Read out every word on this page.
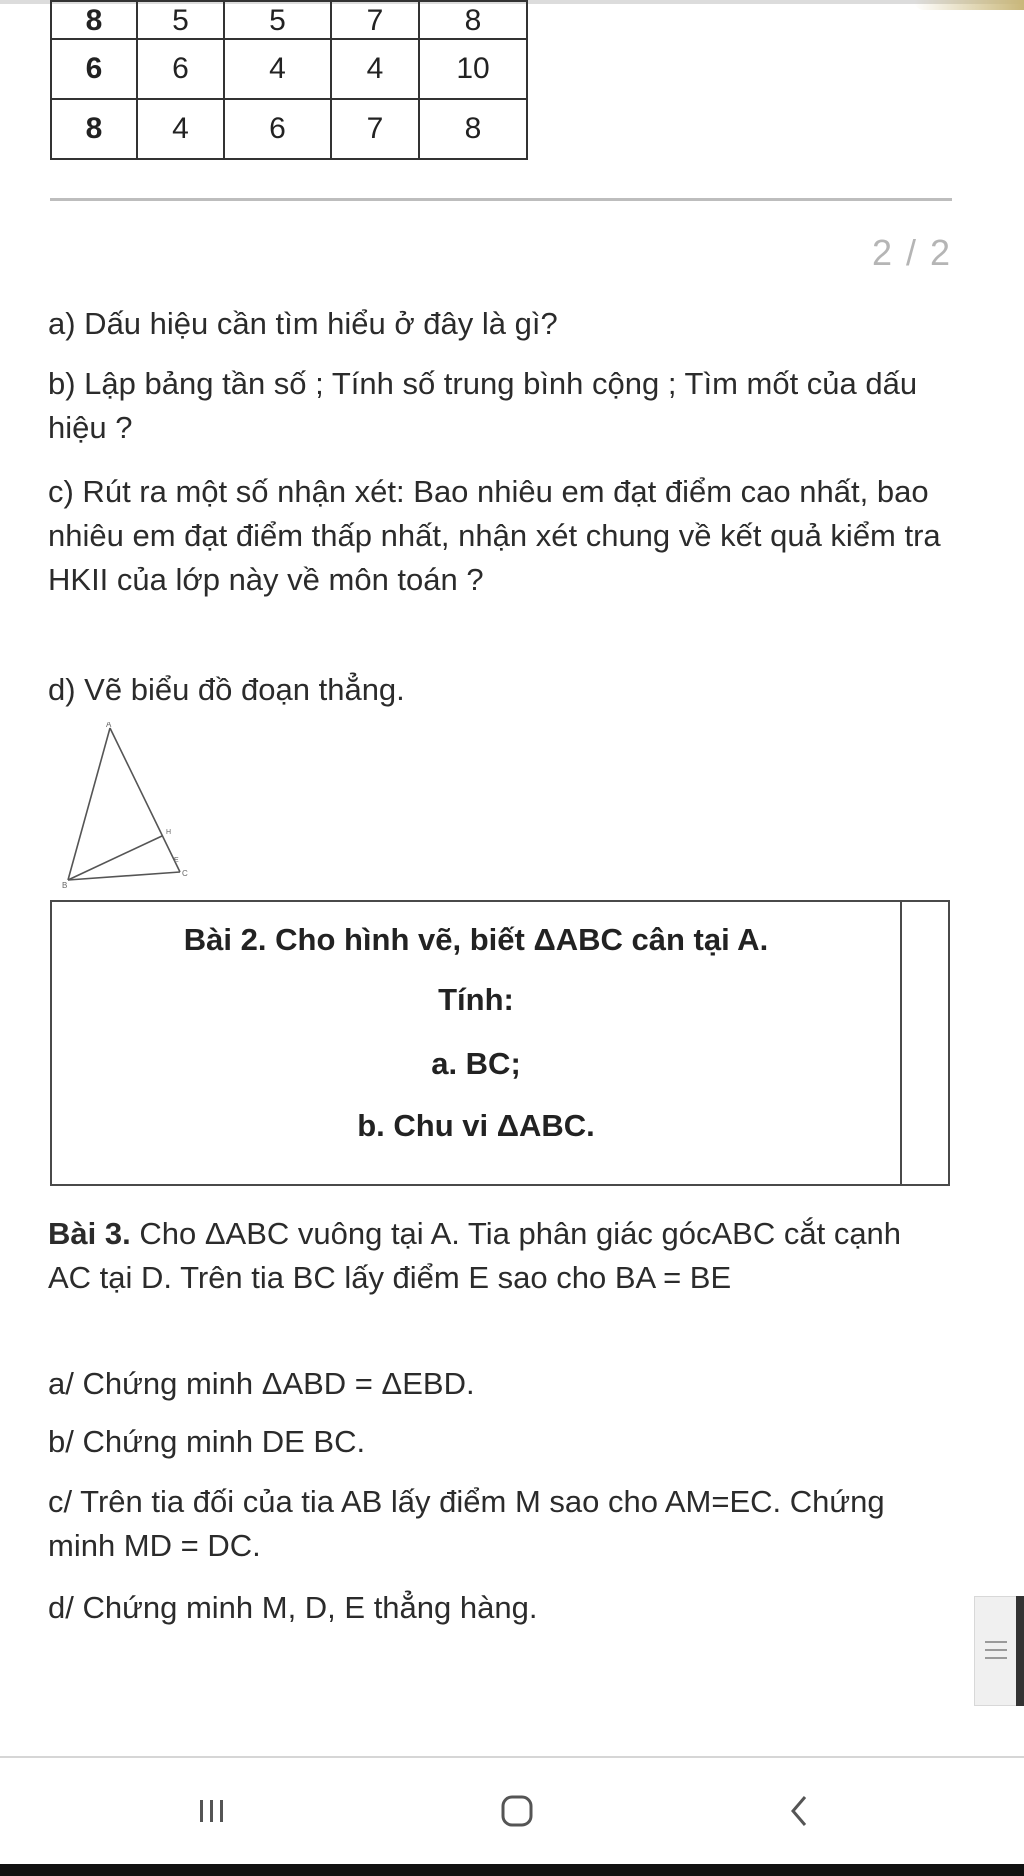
8	5	5	7	8
6	6	4	4	10
8	4	6	7	8
2 / 2

a) Dấu hiệu cần tìm hiểu ở đây là gì?

b) Lập bảng tần số ; Tính số trung bình cộng ; Tìm mốt của dấu hiệu ?

c) Rút ra một số nhận xét: Bao nhiêu em đạt điểm cao nhất, bao nhiêu em đạt điểm thấp nhất, nhận xét chung về kết quả kiểm tra HKII của lớp này về môn toán ?

d) Vẽ biểu đồ đoạn thẳng.

A
B
C
H
E

Bài 2. Cho hình vẽ, biết ΔABC cân tại A.

Tính:

a. BC;

b. Chu vi ΔABC.

Bài 3. Cho ΔABC vuông tại A. Tia phân giác gócABC cắt cạnh AC tại D. Trên tia BC lấy điểm E sao cho BA = BE

a/ Chứng minh ΔABD = ΔEBD.

b/ Chứng minh DE BC.

c/ Trên tia đối của tia AB lấy điểm M sao cho AM=EC. Chứng minh MD = DC.

d/ Chứng minh M, D, E thẳng hàng.
